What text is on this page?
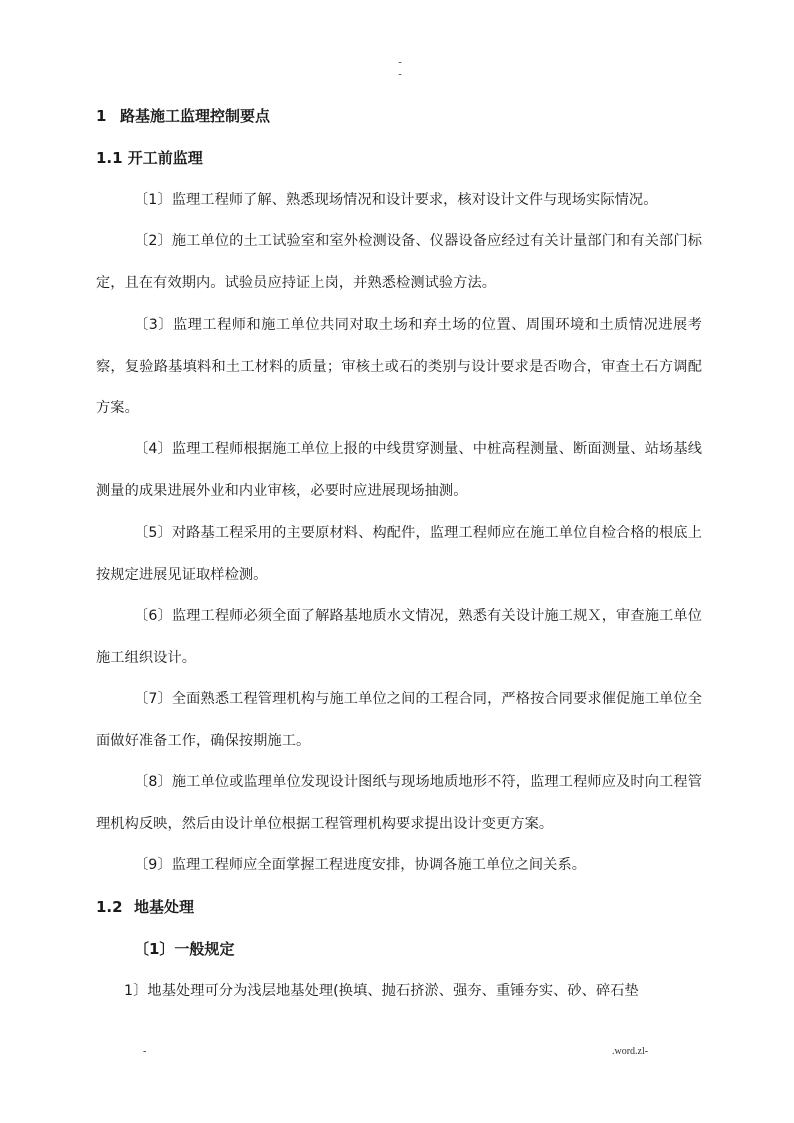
-
-
1 路基施工监理控制要点
1.1 开工前监理

〔1〕监理工程师了解、熟悉现场情况和设计要求，核对设计文件与现场实际情况。

〔2〕施工单位的土工试验室和室外检测设备、仪器设备应经过有关计量部门和有关部门标定，且在有效期内。试验员应持证上岗，并熟悉检测试验方法。

〔3〕监理工程师和施工单位共同对取土场和弃土场的位置、周围环境和土质情况进展考察，复验路基填料和土工材料的质量；审核土或石的类别与设计要求是否吻合，审查土石方调配方案。

〔4〕监理工程师根据施工单位上报的中线贯穿测量、中桩高程测量、断面测量、站场基线测量的成果进展外业和内业审核，必要时应进展现场抽测。

〔5〕对路基工程采用的主要原材料、构配件，监理工程师应在施工单位自检合格的根底上按规定进展见证取样检测。

〔6〕监理工程师必须全面了解路基地质水文情况，熟悉有关设计施工规Ｘ，审查施工单位施工组织设计。

〔7〕全面熟悉工程管理机构与施工单位之间的工程合同，严格按合同要求催促施工单位全面做好准备工作，确保按期施工。

〔8〕施工单位或监理单位发现设计图纸与现场地质地形不符，监理工程师应及时向工程管理机构反映，然后由设计单位根据工程管理机构要求提出设计变更方案。

〔9〕监理工程师应全面掌握工程进度安排，协调各施工单位之间关系。

1.2 地基处理
〔1〕一般规定

1〕地基处理可分为浅层地基处理(换填、抛石挤淤、强夯、重锤夯实、砂、碎石垫

-	.word.zl-
